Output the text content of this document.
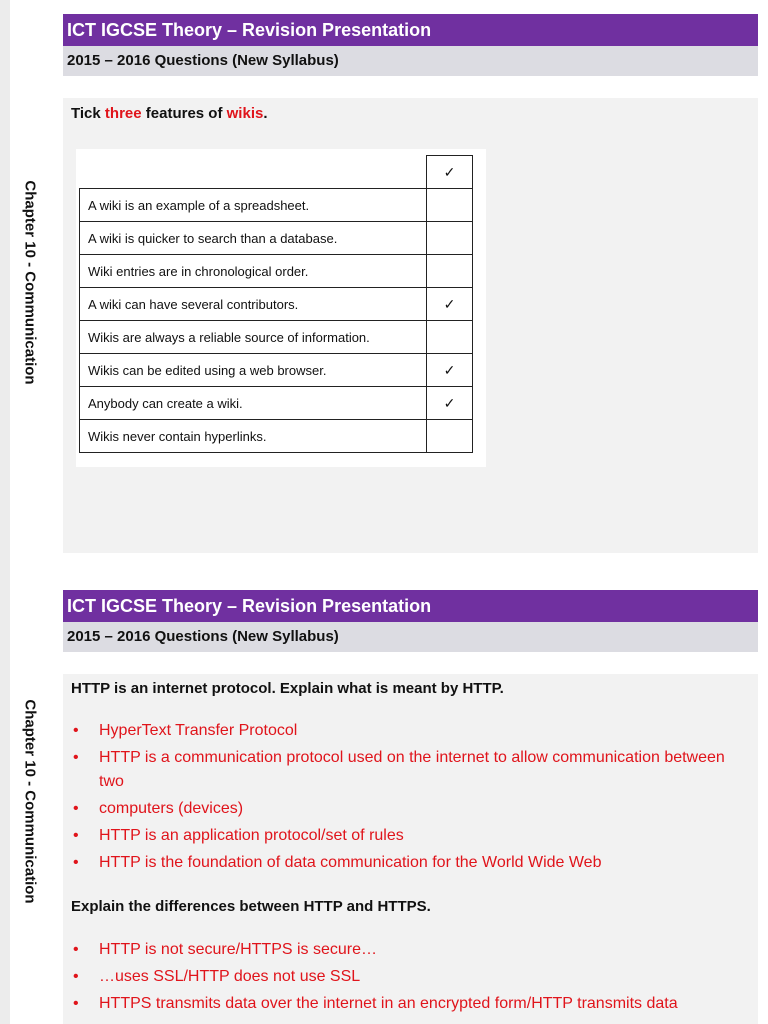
Chapter 10 - Communication
ICT IGCSE Theory – Revision Presentation
2015 – 2016 Questions (New Syllabus)
Tick three features of wikis.
	✓
A wiki is an example of a spreadsheet.	
A wiki is quicker to search than a database.	
Wiki entries are in chronological order.	
A wiki can have several contributors.	✓
Wikis are always a reliable source of information.	
Wikis can be edited using a web browser.	✓
Anybody can create a wiki.	✓
Wikis never contain hyperlinks.	
Chapter 10 - Communication
ICT IGCSE Theory – Revision Presentation
2015 – 2016 Questions (New Syllabus)
HTTP is an internet protocol. Explain what is meant by HTTP.
• HyperText Transfer Protocol
• HTTP is a communication protocol used on the internet to allow communication between two
• computers (devices)
• HTTP is an application protocol/set of rules
• HTTP is the foundation of data communication for the World Wide Web
Explain the differences between HTTP and HTTPS.
• HTTP is not secure/HTTPS is secure…
• …uses SSL/HTTP does not use SSL
• HTTPS transmits data over the internet in an encrypted form/HTTP transmits data
